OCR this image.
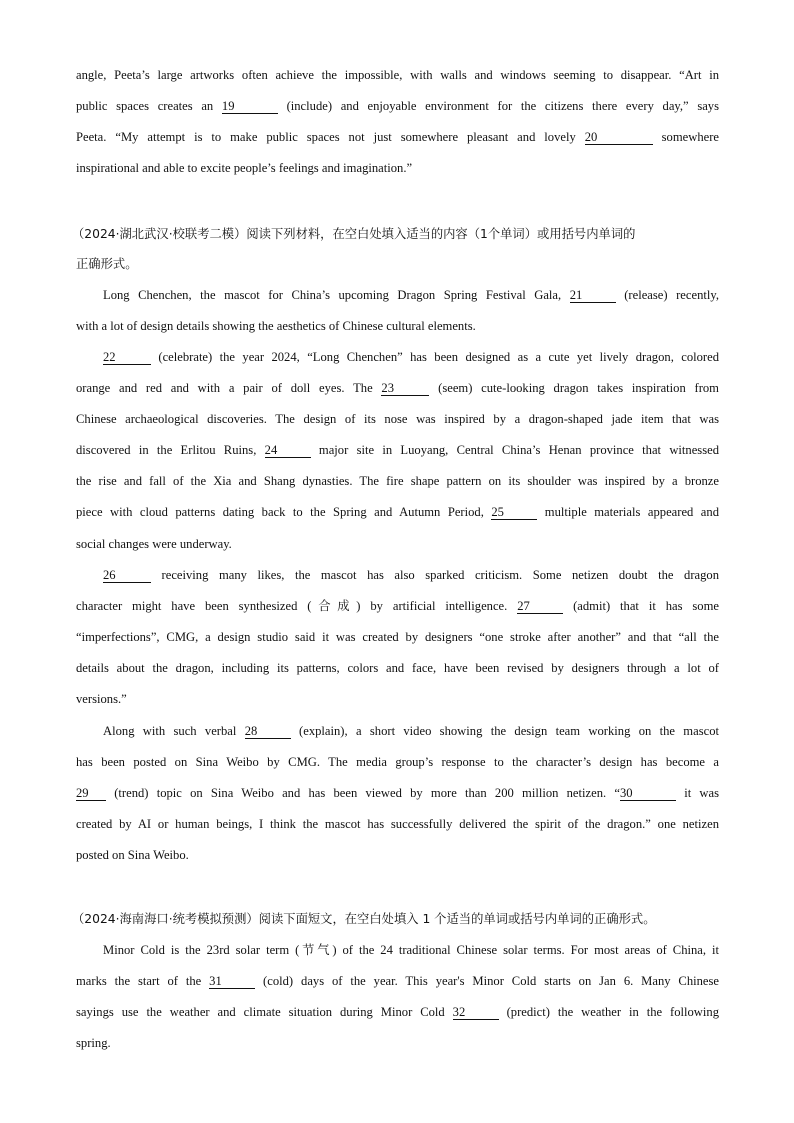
angle, Peeta’s large artworks often achieve the impossible, with walls and windows seeming to disappear. “Art in
public spaces creates an 19	(include) and enjoyable environment for the citizens there every day,” says
Peeta. “My attempt is to make public spaces not just somewhere pleasant and lovely 20	somewhere
inspirational and able to excite people’s feelings and imagination.”
（2024·湖北武汉·校联考二模）阅读下列材料，在空白处填入适当的内容（1个单词）或用括号内单词的
正确形式。
Long Chenchen, the mascot for China’s upcoming Dragon Spring Festival Gala, 21	(release) recently,
with a lot of design details showing the aesthetics of Chinese cultural elements.
22	(celebrate) the year 2024, “Long Chenchen” has been designed as a cute yet lively dragon, colored
orange and red and with a pair of doll eyes. The 23	(seem) cute-looking dragon takes inspiration from
Chinese archaeological discoveries. The design of its nose was inspired by a dragon-shaped jade item that was
discovered in the Erlitou Ruins, 24	major site in Luoyang, Central China’s Henan province that witnessed
the rise and fall of the Xia and Shang dynasties. The fire shape pattern on its shoulder was inspired by a bronze
piece with cloud patterns dating back to the Spring and Autumn Period, 25	multiple materials appeared and
social changes were underway.
26	receiving many likes, the mascot has also sparked criticism. Some netizen doubt the dragon
character might have been synthesized (合成) by artificial intelligence. 27	(admit) that it has some
“imperfections”, CMG, a design studio said it was created by designers “one stroke after another” and that “all the
details about the dragon, including its patterns, colors and face, have been revised by designers through a lot of
versions.”
Along with such verbal 28	(explain), a short video showing the design team working on the mascot
has been posted on Sina Weibo by CMG. The media group’s response to the character’s design has become a
29 (trend) topic on Sina Weibo and has been viewed by more than 200 million netizen. “30	it was
created by AI or human beings, I think the mascot has successfully delivered the spirit of the dragon.” one netizen
posted on Sina Weibo.
（2024·海南海口·统考模拟预测）阅读下面短文，在空白处填入 1 个适当的单词或括号内单词的正确形式。
Minor Cold is the 23rd solar term (节气) of the 24 traditional Chinese solar terms. For most areas of China, it
marks the start of the 31	(cold) days of the year. This year's Minor Cold starts on Jan 6. Many Chinese
sayings use the weather and climate situation during Minor Cold 32	(predict) the weather in the following
spring.
